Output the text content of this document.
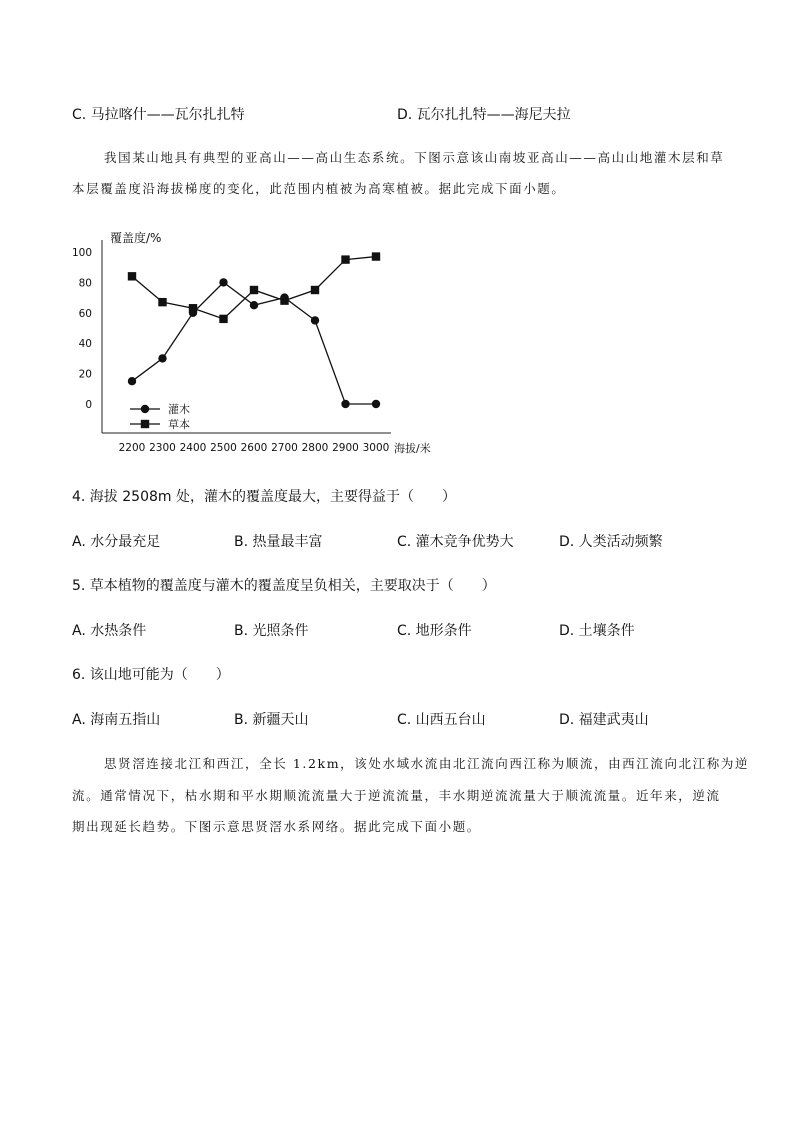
C. 马拉喀什——瓦尔扎扎特	D. 瓦尔扎扎特——海尼夫拉
我国某山地具有典型的亚高山——高山生态系统。下图示意该山南坡亚高山——高山山地灌木层和草
本层覆盖度沿海拔梯度的变化，此范围内植被为高寒植被。据此完成下面小题。
100
80
60
40
20
0
2200 2300 2400 2500 2600 2700 2800 2900 3000
灌木
草本
覆盖度/%
海拔/米
4. 海拔 2508m 处，灌木的覆盖度最大，主要得益于（　　）
A. 水分最充足	B. 热量最丰富	C. 灌木竞争优势大	D. 人类活动频繁
5. 草本植物的覆盖度与灌木的覆盖度呈负相关，主要取决于（　　）
A. 水热条件	B. 光照条件	C. 地形条件	D. 土壤条件
6. 该山地可能为（　　）
A. 海南五指山	B. 新疆天山	C. 山西五台山	D. 福建武夷山
思贤滘连接北江和西江，全长 1.2km，该处水域水流由北江流向西江称为顺流，由西江流向北江称为逆
流。通常情况下，枯水期和平水期顺流流量大于逆流流量，丰水期逆流流量大于顺流流量。近年来，逆流
期出现延长趋势。下图示意思贤滘水系网络。据此完成下面小题。
